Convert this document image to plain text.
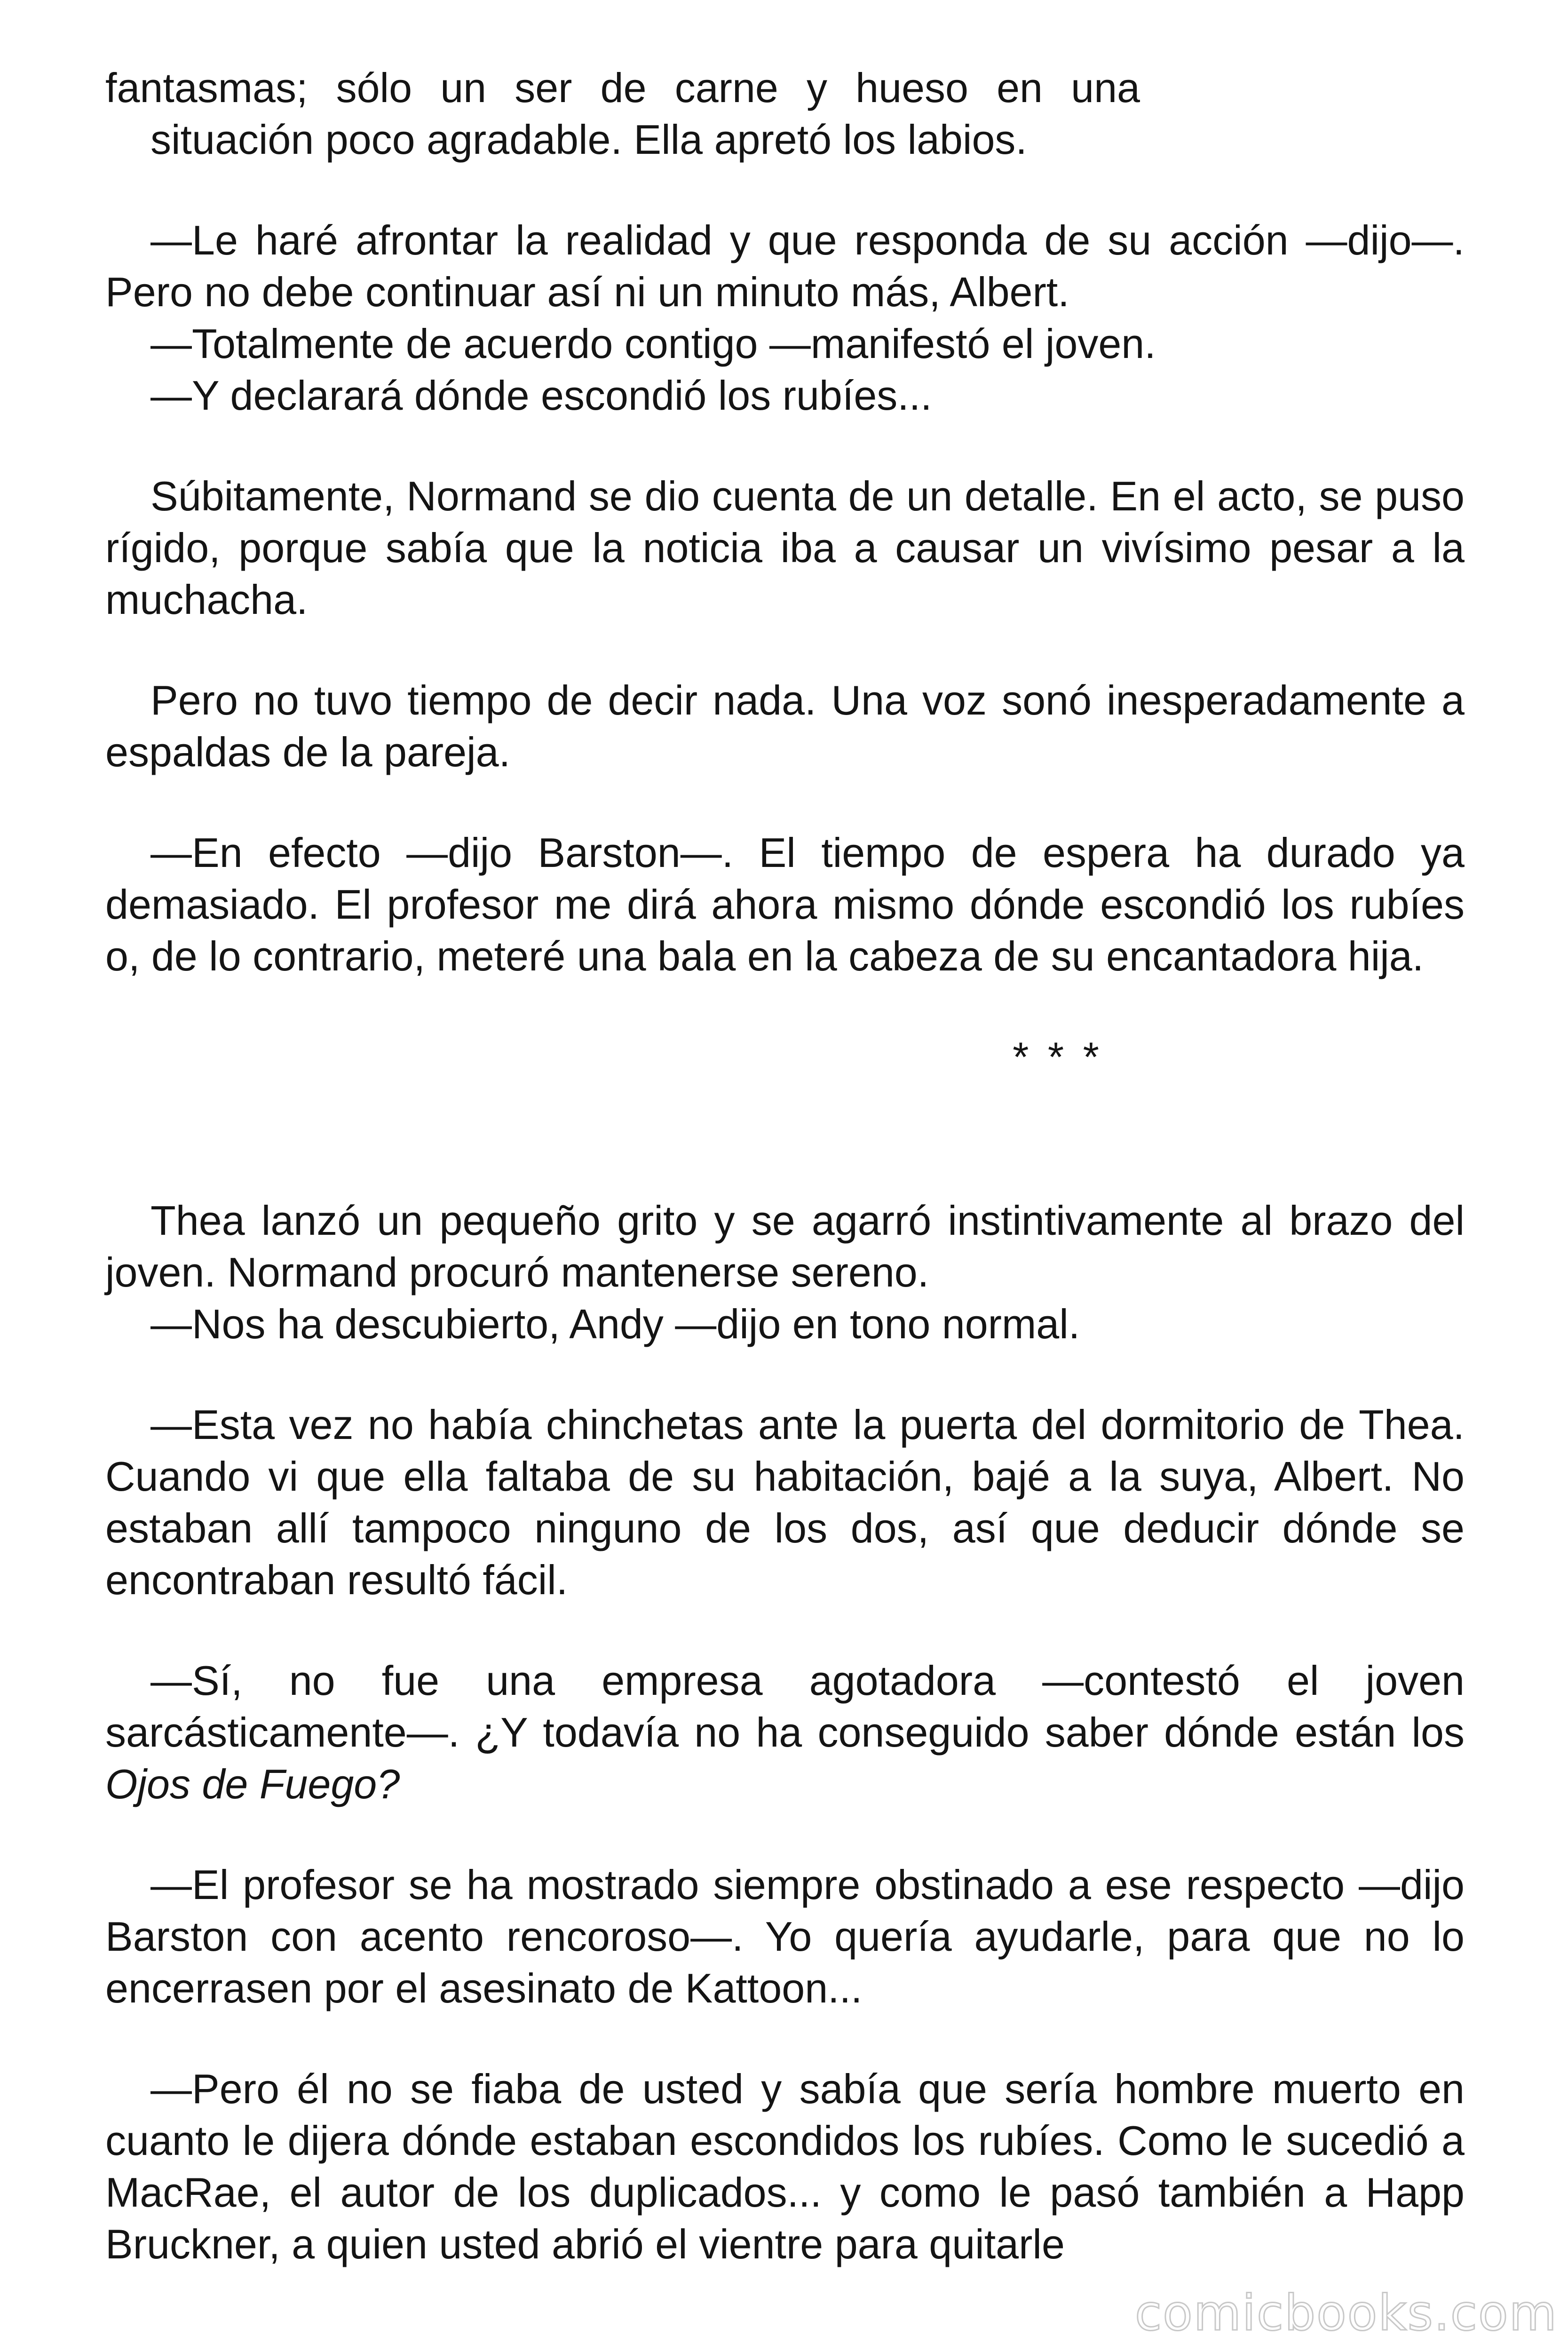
fantasmas; sólo un ser de carne y hueso en una
situación poco agradable. Ella apretó los labios.

—Le haré afrontar la realidad y que responda de su acción —dijo—. Pero no debe continuar así ni un minuto más, Albert.

—Totalmente de acuerdo contigo —manifestó el joven.

—Y declarará dónde escondió los rubíes...

Súbitamente, Normand se dio cuenta de un detalle. En el acto, se puso rígido, porque sabía que la noticia iba a causar un vivísimo pesar a la muchacha.

Pero no tuvo tiempo de decir nada. Una voz sonó inesperadamente a espaldas de la pareja.

—En efecto —dijo Barston—. El tiempo de espera ha durado ya demasiado. El profesor me dirá ahora mismo dónde escondió los rubíes o, de lo contrario, meteré una bala en la cabeza de su encantadora hija.

* * *

Thea lanzó un pequeño grito y se agarró instintivamente al brazo del joven. Normand procuró mantenerse sereno.

—Nos ha descubierto, Andy —dijo en tono normal.

—Esta vez no había chinchetas ante la puerta del dormitorio de Thea. Cuando vi que ella faltaba de su habitación, bajé a la suya, Albert. No estaban allí tampoco ninguno de los dos, así que deducir dónde se encontraban resultó fácil.

—Sí, no fue una empresa agotadora —contestó el joven sarcásticamente—. ¿Y todavía no ha conseguido saber dónde están los Ojos de Fuego?

—El profesor se ha mostrado siempre obstinado a ese respecto —dijo Barston con acento rencoroso—. Yo quería ayudarle, para que no lo encerrasen por el asesinato de Kattoon...

—Pero él no se fiaba de usted y sabía que sería hombre muerto en cuanto le dijera dónde estaban escondidos los rubíes. Como le sucedió a MacRae, el autor de los duplicados... y como le pasó también a Happ Bruckner, a quien usted abrió el vientre para quitarle

comicbooks.com
